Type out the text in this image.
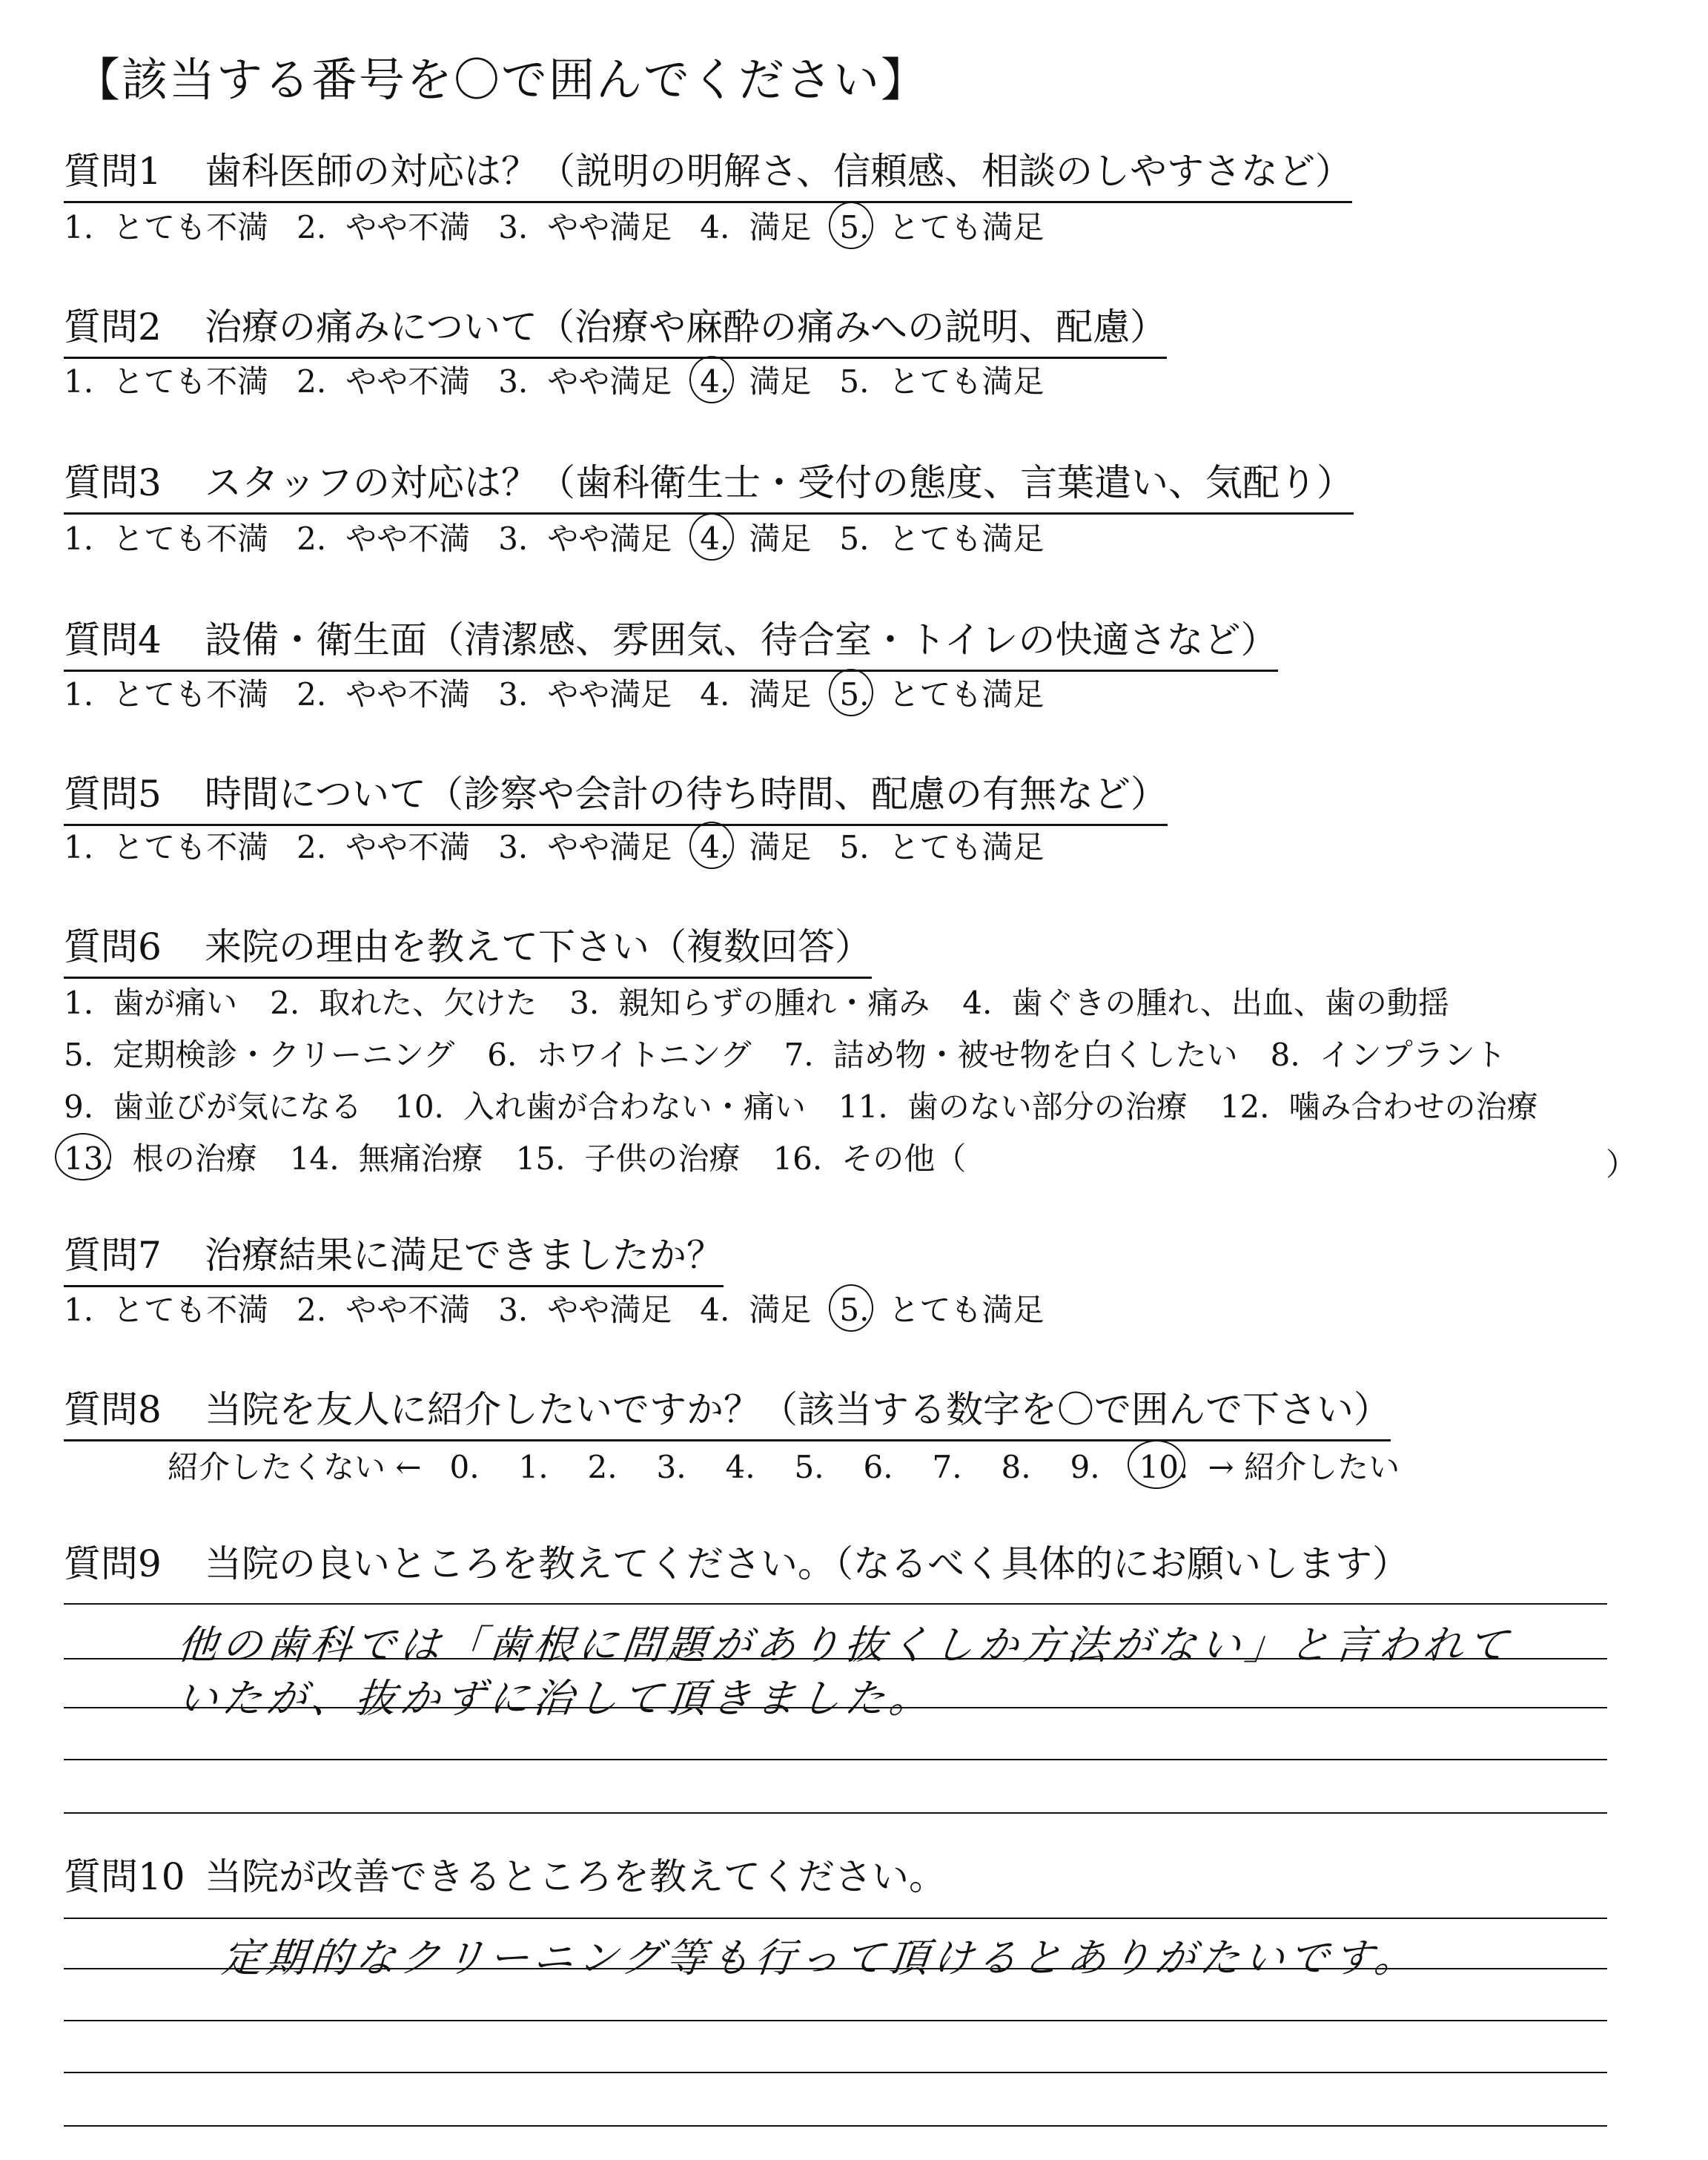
【該当する番号を〇で囲んでください】
質問1 歯科医師の対応は？（説明の明解さ、信頼感、相談のしやすさなど）
1. とても不満 2. やや不満 3. やや満足 4. 満足 5. とても満足
質問2 治療の痛みについて（治療や麻酔の痛みへの説明、配慮）
1. とても不満 2. やや不満 3. やや満足 4. 満足 5. とても満足
質問3 スタッフの対応は？（歯科衛生士・受付の態度、言葉遣い、気配り）
1. とても不満 2. やや不満 3. やや満足 4. 満足 5. とても満足
質問4 設備・衛生面（清潔感、雰囲気、待合室・トイレの快適さなど）
1. とても不満 2. やや不満 3. やや満足 4. 満足 5. とても満足
質問5 時間について（診察や会計の待ち時間、配慮の有無など）
1. とても不満 2. やや不満 3. やや満足 4. 満足 5. とても満足
質問6 来院の理由を教えて下さい（複数回答）
1. 歯が痛い 2. 取れた、欠けた 3. 親知らずの腫れ・痛み 4. 歯ぐきの腫れ、出血、歯の動揺
5. 定期検診・クリーニング 6. ホワイトニング 7. 詰め物・被せ物を白くしたい 8. インプラント
9. 歯並びが気になる 10. 入れ歯が合わない・痛い 11. 歯のない部分の治療 12. 噛み合わせの治療
13. 根の治療 14. 無痛治療 15. 子供の治療 16. その他（	）
質問7 治療結果に満足できましたか？
1. とても不満 2. やや不満 3. やや満足 4. 満足 5. とても満足
質問8 当院を友人に紹介したいですか？（該当する数字を〇で囲んで下さい）
紹介したくない ← 0. 1. 2. 3. 4. 5. 6. 7. 8. 9. 10. → 紹介したい
質問9 当院の良いところを教えてください。（なるべく具体的にお願いします）
他の歯科では「歯根に問題があり抜くしか方法がない」と言われて
いたが、抜かずに治して頂きました。
質問10 当院が改善できるところを教えてください。
定期的なクリーニング等も行って頂けるとありがたいです。
